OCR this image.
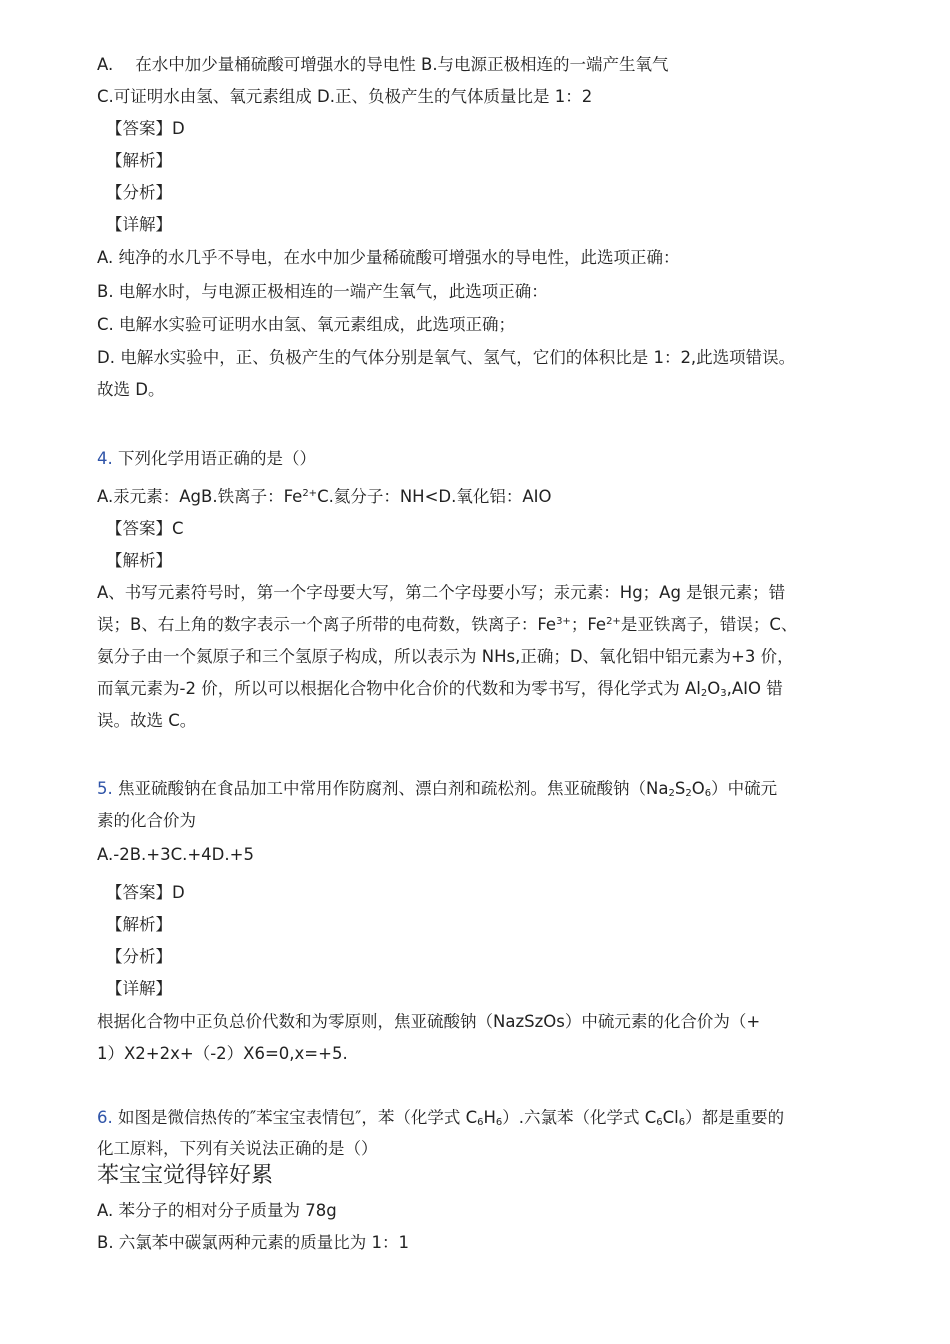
A. 在水中加少量桶硫酸可增强水的导电性 B.与电源正极相连的一端产生氧气
C.可证明水由氢、氧元素组成 D.正、负极产生的气体质量比是 1：2
【答案】D
【解析】
【分析】
【详解】
A. 纯净的水几乎不导电，在水中加少量稀硫酸可增强水的导电性，此选项正确：
B. 电解水时，与电源正极相连的一端产生氧气，此选项正确：
C. 电解水实验可证明水由氢、氧元素组成，此选项正确；
D. 电解水实验中，正、负极产生的气体分别是氧气、氢气，它们的体积比是 1：2,此选项错误。
故选 D。
4. 下列化学用语正确的是（）
A.汞元素：AgB.铁离子：$Fe^{2+}C$.氦分子：NH<D.氧化铝：AIO
【答案】C
【解析】
A、书写元素符号时，第一个字母要大写，第二个字母要小写；汞元素：Hg；Ag 是银元素；错
误；B、右上角的数字表示一个离子所带的电荷数，铁离子：$Fe^{3+}$；$Fe^{2+}$是亚铁离子，错误；C、
氨分子由一个氮原子和三个氢原子构成，所以表示为 NHs,正确；D、氧化铝中铝元素为+3 价，
而氧元素为-2 价，所以可以根据化合物中化合价的代数和为零书写，得化学式为 $Al_2O_3,AIO$ 错
误。故选 C。
5. 焦亚硫酸钠在食品加工中常用作防腐剂、漂白剂和疏松剂。焦亚硫酸钠$(Na_2S_2O_6)$中硫元
素的化合价为
A.-2B.+3C.+4D.+5
【答案】D
【解析】
【分析】
【详解】
根据化合物中正负总价代数和为零原则，焦亚硫酸钠（NazSzOs）中硫元素的化合价为（+
1）X2+2x+（-2）X6=0,x=+5.
6. 如图是微信热传的″苯宝宝表情包″，苯（化学式 $C_6H_6$）.六氯苯（化学式 $C_6Cl_6$）都是重要的
化工原料，下列有关说法正确的是（）
苯宝宝觉得锌好累
A. 苯分子的相对分子质量为 78g
B. 六氯苯中碳氯两种元素的质量比为 1：1
